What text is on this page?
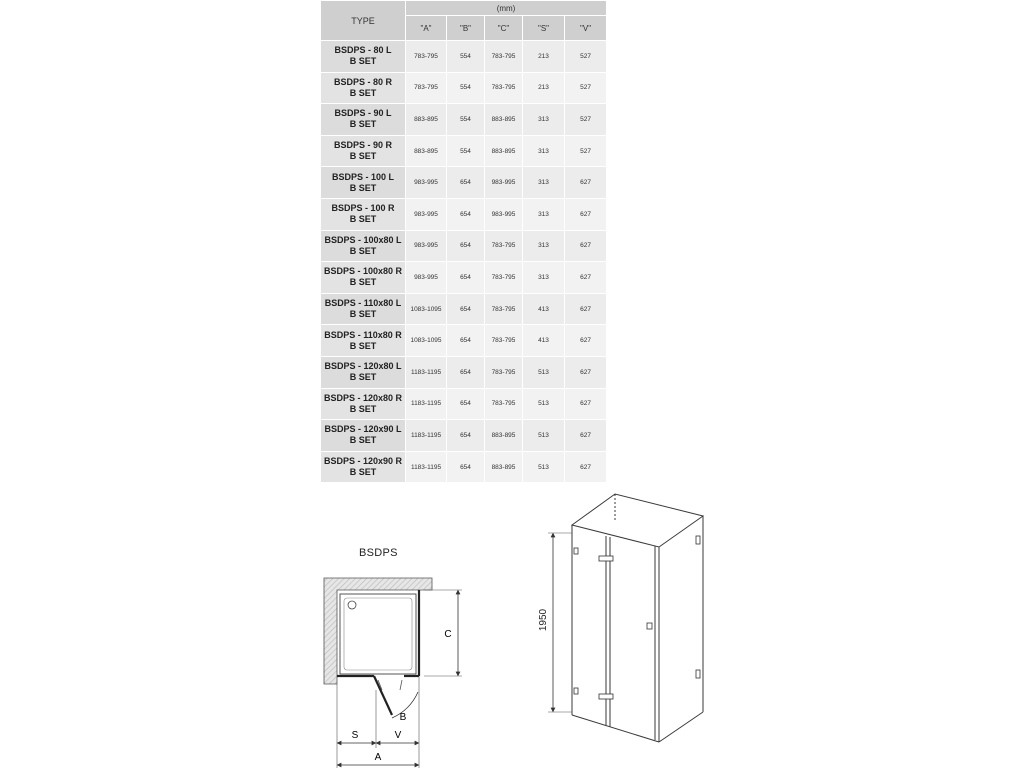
TYPE	(mm)				
	"A"	"B"	"C"	"S"	"V"

BSDPS - 80 L
B SET	783-795	554	783-795	213	527

BSDPS - 80 R
B SET	783-795	554	783-795	213	527

BSDPS - 90 L
B SET	883-895	554	883-895	313	527

BSDPS - 90 R
B SET	883-895	554	883-895	313	527

BSDPS - 100 L
B SET	983-995	654	983-995	313	627

BSDPS - 100 R
B SET	983-995	654	983-995	313	627

BSDPS - 100x80 L
B SET	983-995	654	783-795	313	627

BSDPS - 100x80 R
B SET	983-995	654	783-795	313	627

BSDPS - 110x80 L
B SET	1083-1095	654	783-795	413	627

BSDPS - 110x80 R
B SET	1083-1095	654	783-795	413	627

BSDPS - 120x80 L
B SET	1183-1195	654	783-795	513	627

BSDPS - 120x80 R
B SET	1183-1195	654	783-795	513	627

BSDPS - 120x90 L
B SET	1183-1195	654	883-895	513	627

BSDPS - 120x90 R
B SET	1183-1195	654	883-895	513	627
BSDPS
C
B
S	V
A
1950
